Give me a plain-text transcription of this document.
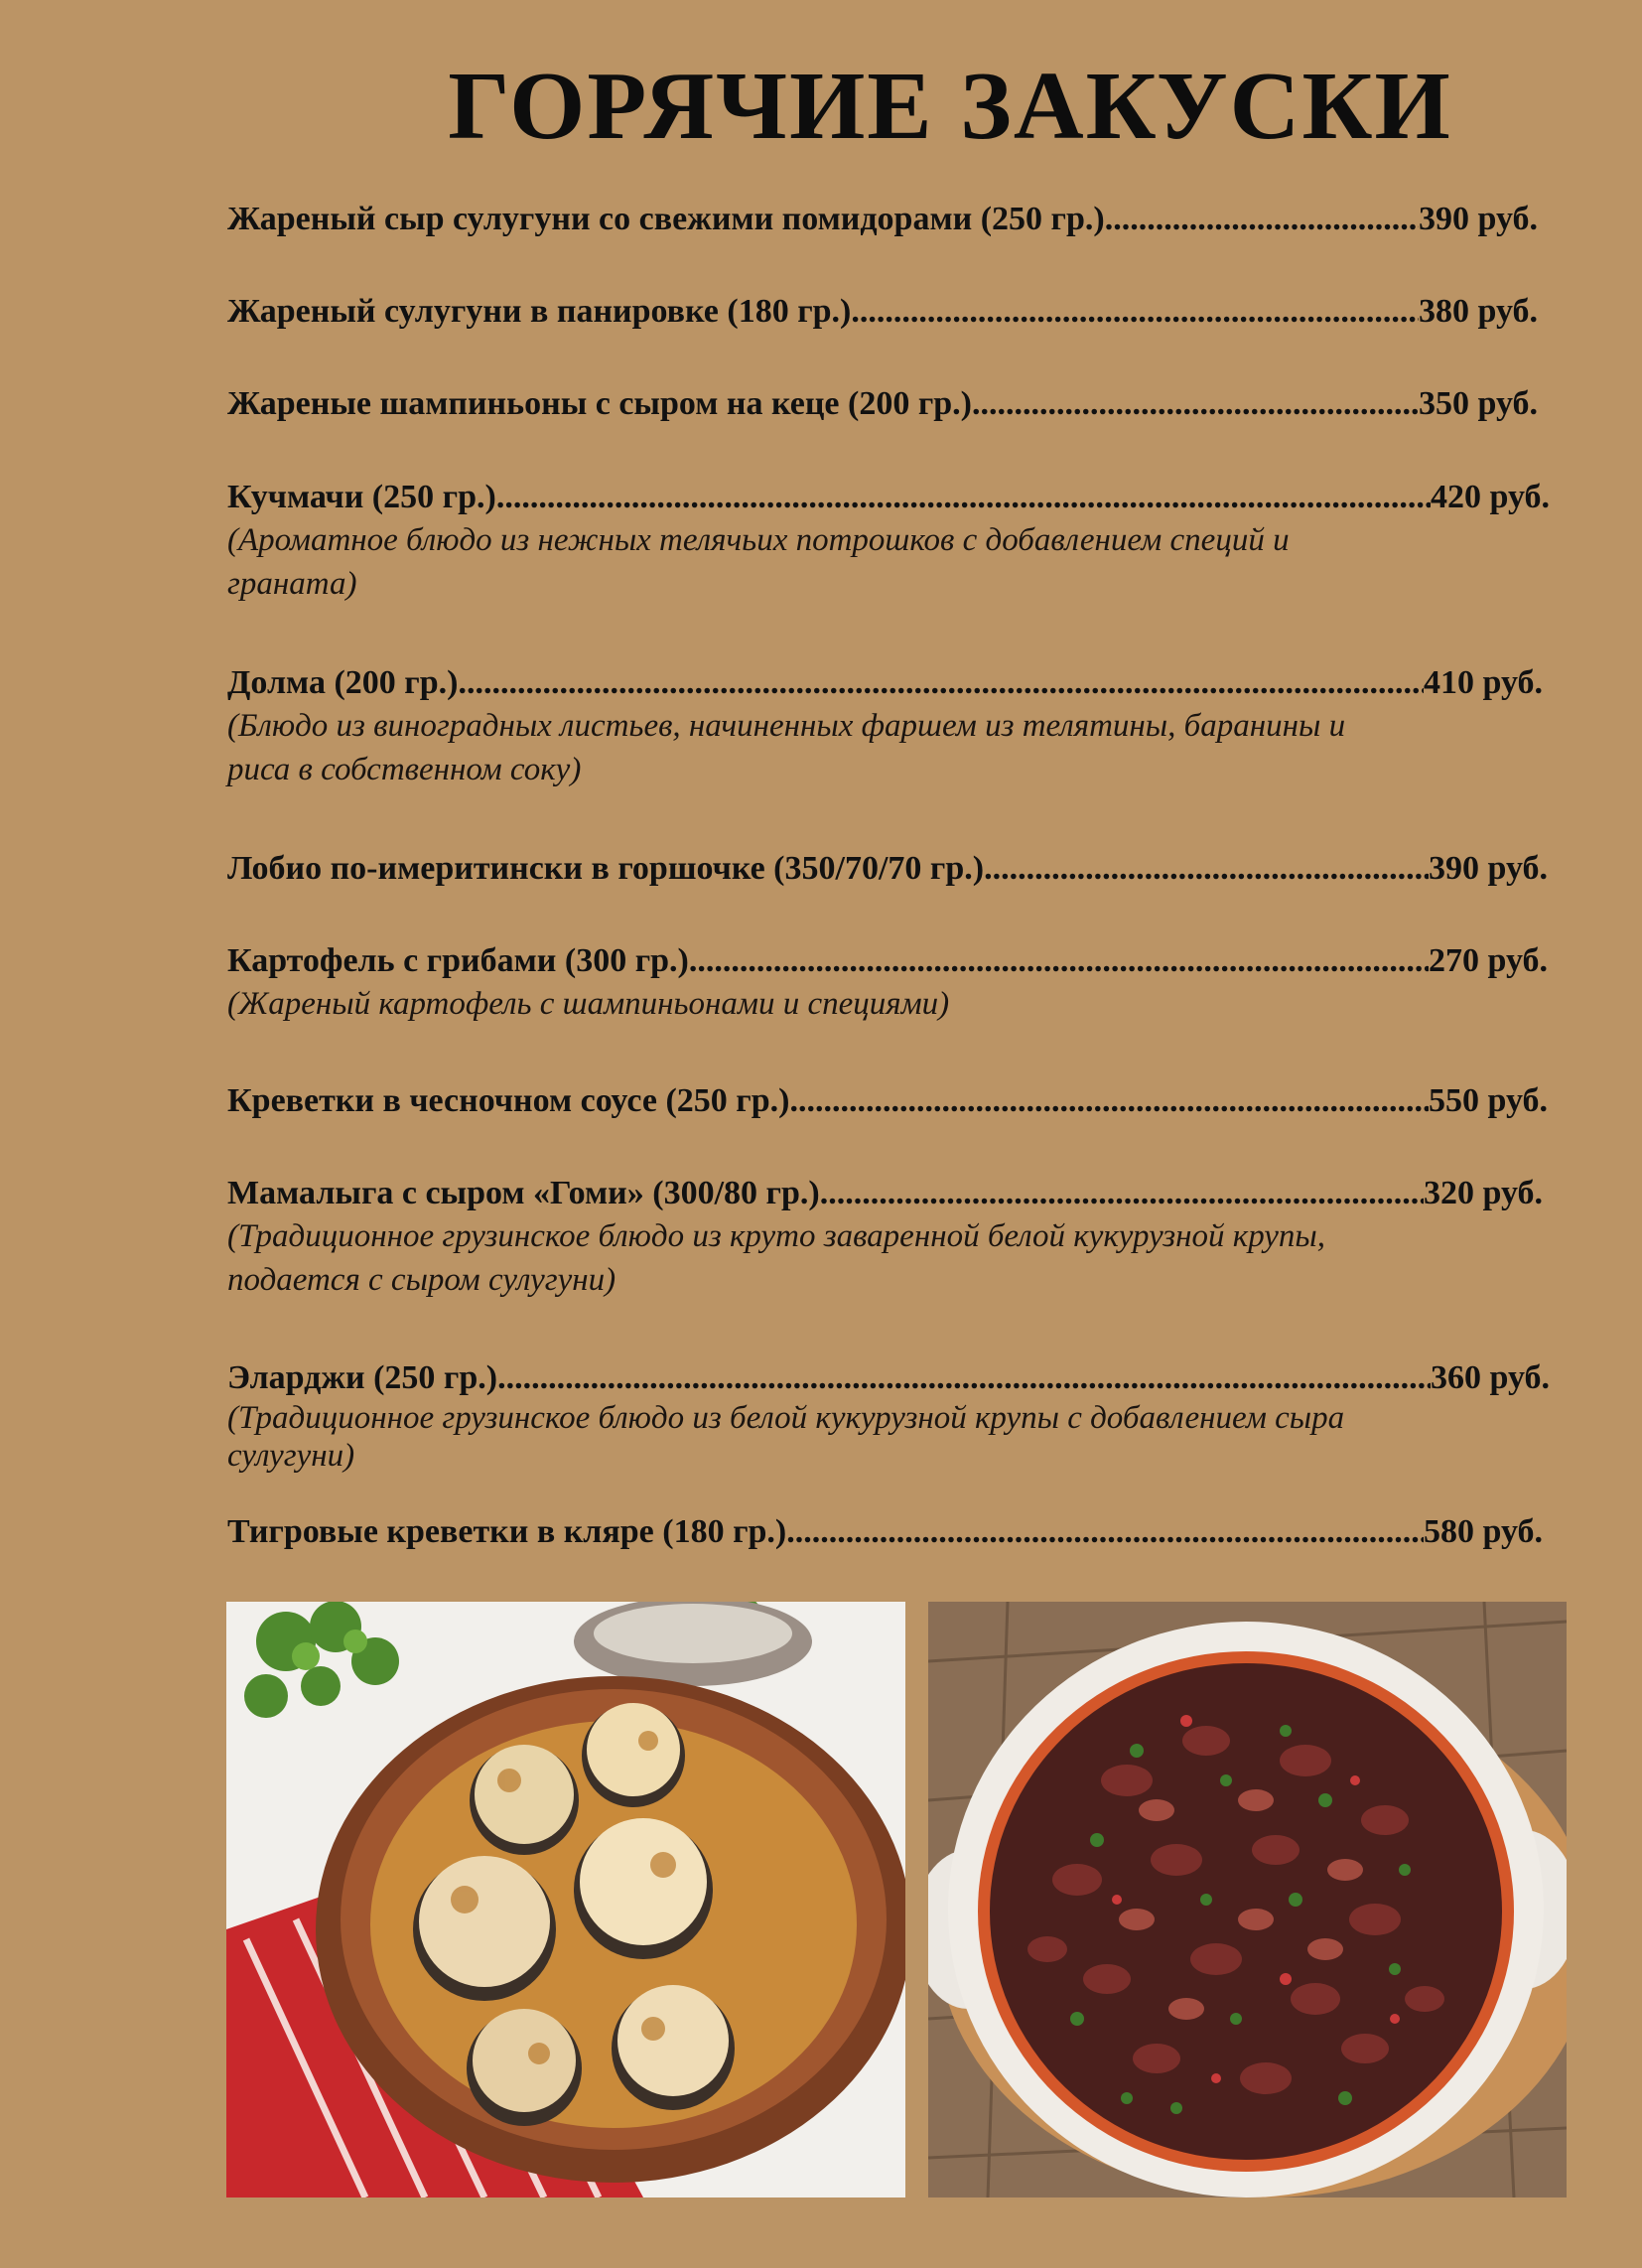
ГОРЯЧИЕ ЗАКУСКИ
Жареный сыр сулугуни со свежими помидорами (250 гр.) .....	390 руб.
Жареный сулугуни в панировке (180 гр.) .....	380 руб.
Жареные шампиньоны с сыром на кеце (200 гр.) .....	350 руб.
Кучмачи (250 гр.) .....	420 руб.
(Ароматное блюдо из нежных телячьих потрошков с добавлением специй и граната)
Долма (200 гр.) .....	410 руб.
(Блюдо из виноградных листьев, начиненных фаршем из телятины, баранины и риса в собственном соку)
Лобио по-имеритински в горшочке (350/70/70 гр.) .....	390 руб.
Картофель с грибами (300 гр.) .....	270 руб.
(Жареный картофель с шампиньонами и специями)
Креветки в чесночном соусе (250 гр.) .....	550 руб.
Мамалыга с сыром «Гоми» (300/80 гр.) .....	320 руб.
(Традиционное грузинское блюдо из круто заваренной белой кукурузной крупы, подается с сыром сулугуни)
Эларджи (250 гр.) .....	360 руб.
(Традиционное грузинское блюдо из белой кукурузной крупы с добавлением сыра сулугуни)
Тигровые креветки в кляре (180 гр.) .....	580 руб.
